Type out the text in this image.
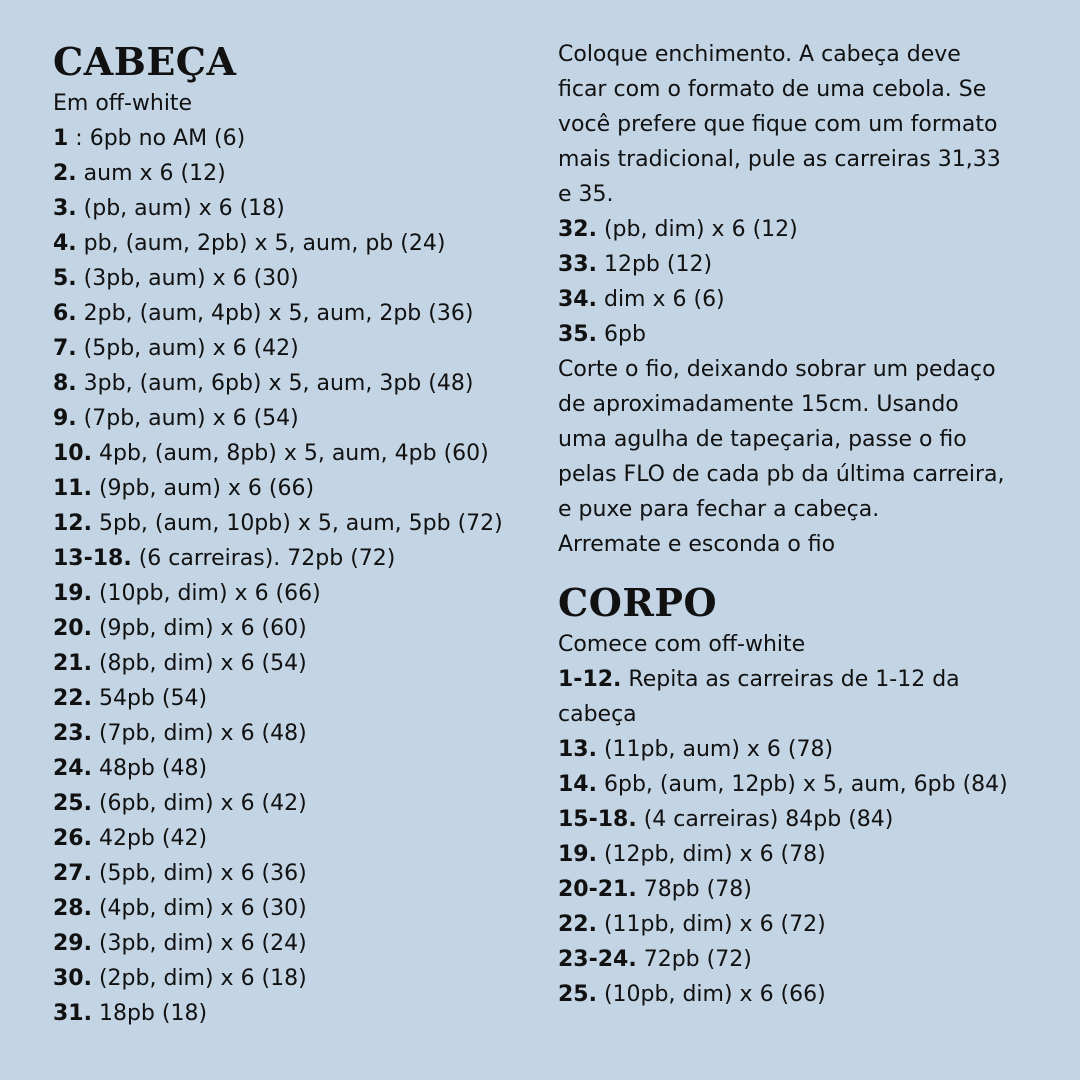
CABEÇA
Em off-white
1 : 6pb no AM (6)
2. aum x 6 (12)
3. (pb, aum) x 6 (18)
4. pb, (aum, 2pb) x 5, aum, pb (24)
5. (3pb, aum) x 6 (30)
6. 2pb, (aum, 4pb) x 5, aum, 2pb (36)
7. (5pb, aum) x 6 (42)
8. 3pb, (aum, 6pb) x 5, aum, 3pb (48)
9. (7pb, aum) x 6 (54)
10. 4pb, (aum, 8pb) x 5, aum, 4pb (60)
11. (9pb, aum) x 6 (66)
12. 5pb, (aum, 10pb) x 5, aum, 5pb (72)
13-18. (6 carreiras). 72pb (72)
19. (10pb, dim) x 6 (66)
20. (9pb, dim) x 6 (60)
21. (8pb, dim) x 6 (54)
22. 54pb (54)
23. (7pb, dim) x 6 (48)
24. 48pb (48)
25. (6pb, dim) x 6 (42)
26. 42pb (42)
27. (5pb, dim) x 6 (36)
28. (4pb, dim) x 6 (30)
29. (3pb, dim) x 6 (24)
30. (2pb, dim) x 6 (18)
31. 18pb (18)
Coloque enchimento. A cabeça deve
ficar com o formato de uma cebola. Se
você prefere que fique com um formato
mais tradicional, pule as carreiras 31,33
e 35.
32. (pb, dim) x 6 (12)
33. 12pb (12)
34. dim x 6 (6)
35. 6pb
Corte o fio, deixando sobrar um pedaço
de aproximadamente 15cm. Usando
uma agulha de tapeçaria, passe o fio
pelas FLO de cada pb da última carreira,
e puxe para fechar a cabeça.
Arremate e esconda o fio
CORPO
Comece com off-white
1-12. Repita as carreiras de 1-12 da
cabeça
13. (11pb, aum) x 6 (78)
14. 6pb, (aum, 12pb) x 5, aum, 6pb (84)
15-18. (4 carreiras) 84pb (84)
19. (12pb, dim) x 6 (78)
20-21. 78pb (78)
22. (11pb, dim) x 6 (72)
23-24. 72pb (72)
25. (10pb, dim) x 6 (66)
